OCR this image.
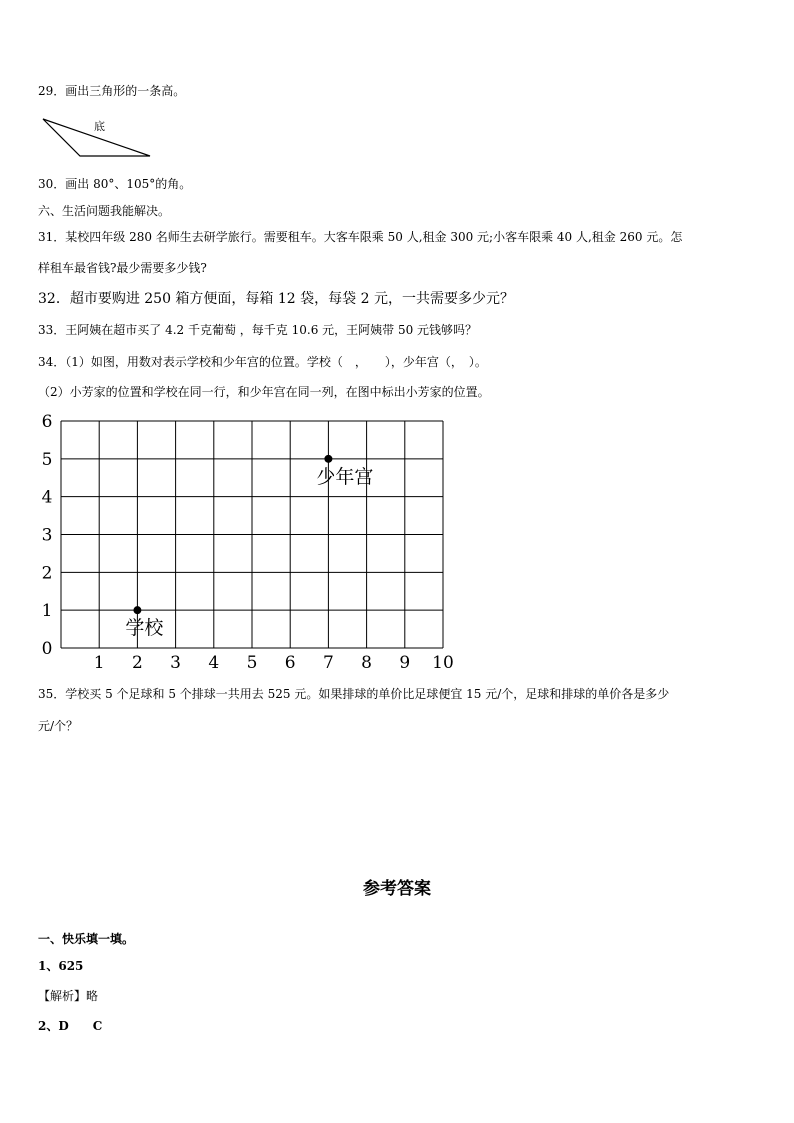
29．画出三角形的一条高。
底
1 2 3 4 5 6 7 8 9 10
0
1
2
3
4
5
6
学校
少年宫
30．画出 80°、105°的角。
六、生活问题我能解决。
31．某校四年级 280 名师生去研学旅行。需要租车。大客车限乘 50 人,租金 300 元;小客车限乘 40 人,租金 260 元。怎
样租车最省钱?最少需要多少钱?
32．超市要购进 250 箱方便面，每箱 12 袋，每袋 2 元，一共需要多少元？
33．王阿姨在超市买了 4.2 千克葡萄 ，每千克 10.6 元，王阿姨带 50 元钱够吗？
34．（1）如图，用数对表示学校和少年宫的位置。学校（　，　　），少年宫（，　）。
（2）小芳家的位置和学校在同一行，和少年宫在同一列，在图中标出小芳家的位置。
35．学校买 5 个足球和 5 个排球一共用去 525 元。如果排球的单价比足球便宜 15 元/个，足球和排球的单价各是多少
元/个？
参考答案
一、快乐填一填。
1、625
【解析】略
2、D　　C
